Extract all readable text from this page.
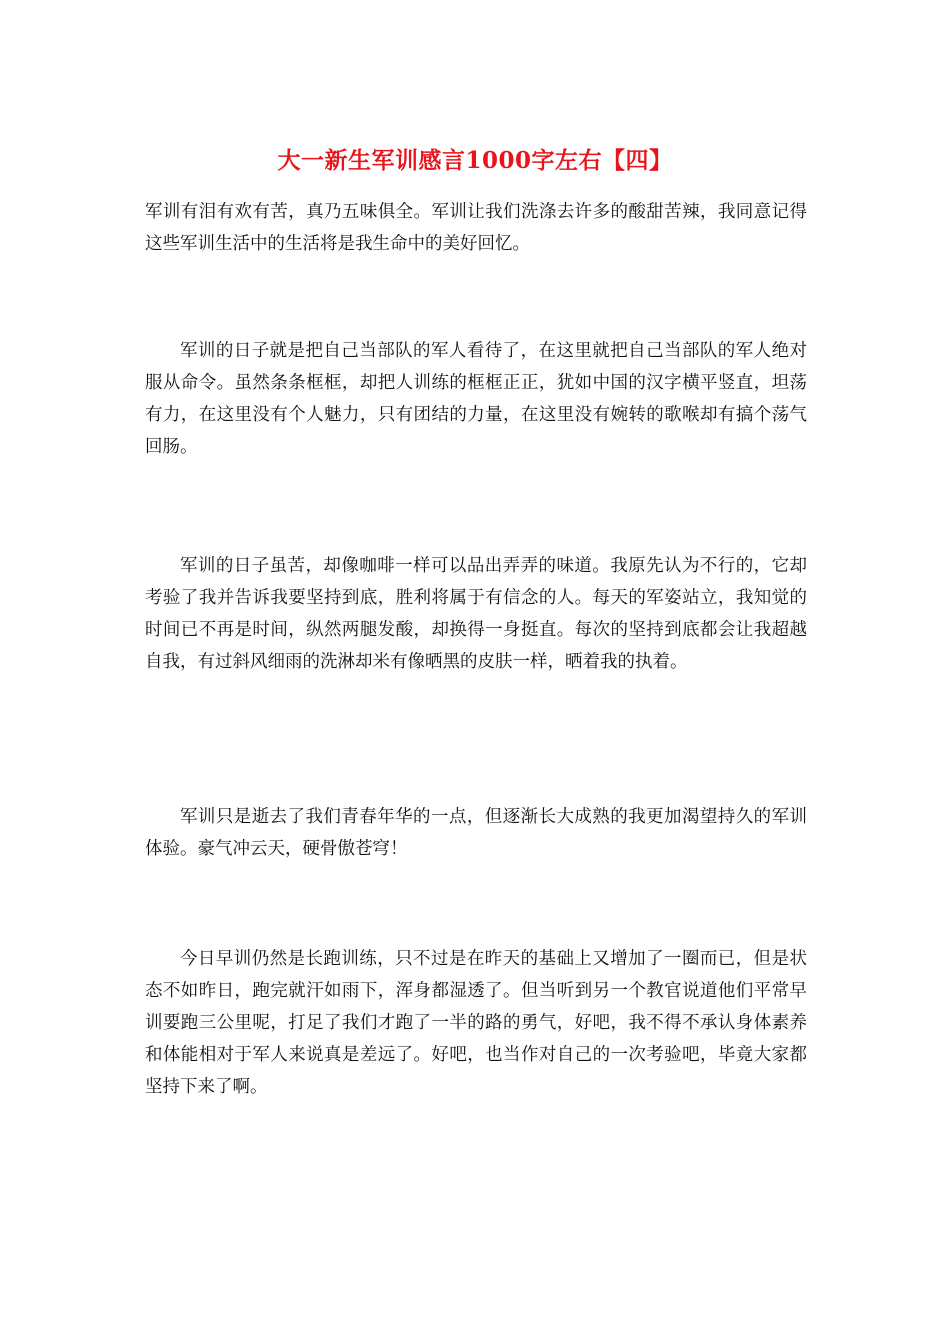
大一新生军训感言1000字左右【四】

军训有泪有欢有苦，真乃五味俱全。军训让我们洗涤去许多的酸甜苦辣，我同意记得这些军训生活中的生活将是我生命中的美好回忆。

军训的日子就是把自己当部队的军人看待了，在这里就把自己当部队的军人绝对服从命令。虽然条条框框，却把人训练的框框正正，犹如中国的汉字横平竖直，坦荡有力，在这里没有个人魅力，只有团结的力量，在这里没有婉转的歌喉却有搞个荡气回肠。

军训的日子虽苦，却像咖啡一样可以品出弄弄的味道。我原先认为不行的，它却考验了我并告诉我要坚持到底，胜利将属于有信念的人。每天的军姿站立，我知觉的时间已不再是时间，纵然两腿发酸，却换得一身挺直。每次的坚持到底都会让我超越自我，有过斜风细雨的洗淋却米有像晒黑的皮肤一样，晒着我的执着。

军训只是逝去了我们青春年华的一点，但逐渐长大成熟的我更加渴望持久的军训体验。豪气冲云天，硬骨傲苍穹！

今日早训仍然是长跑训练，只不过是在昨天的基础上又增加了一圈而已，但是状态不如昨日，跑完就汗如雨下，浑身都湿透了。但当听到另一个教官说道他们平常早训要跑三公里呢，打足了我们才跑了一半的路的勇气，好吧，我不得不承认身体素养和体能相对于军人来说真是差远了。好吧，也当作对自己的一次考验吧，毕竟大家都坚持下来了啊。
